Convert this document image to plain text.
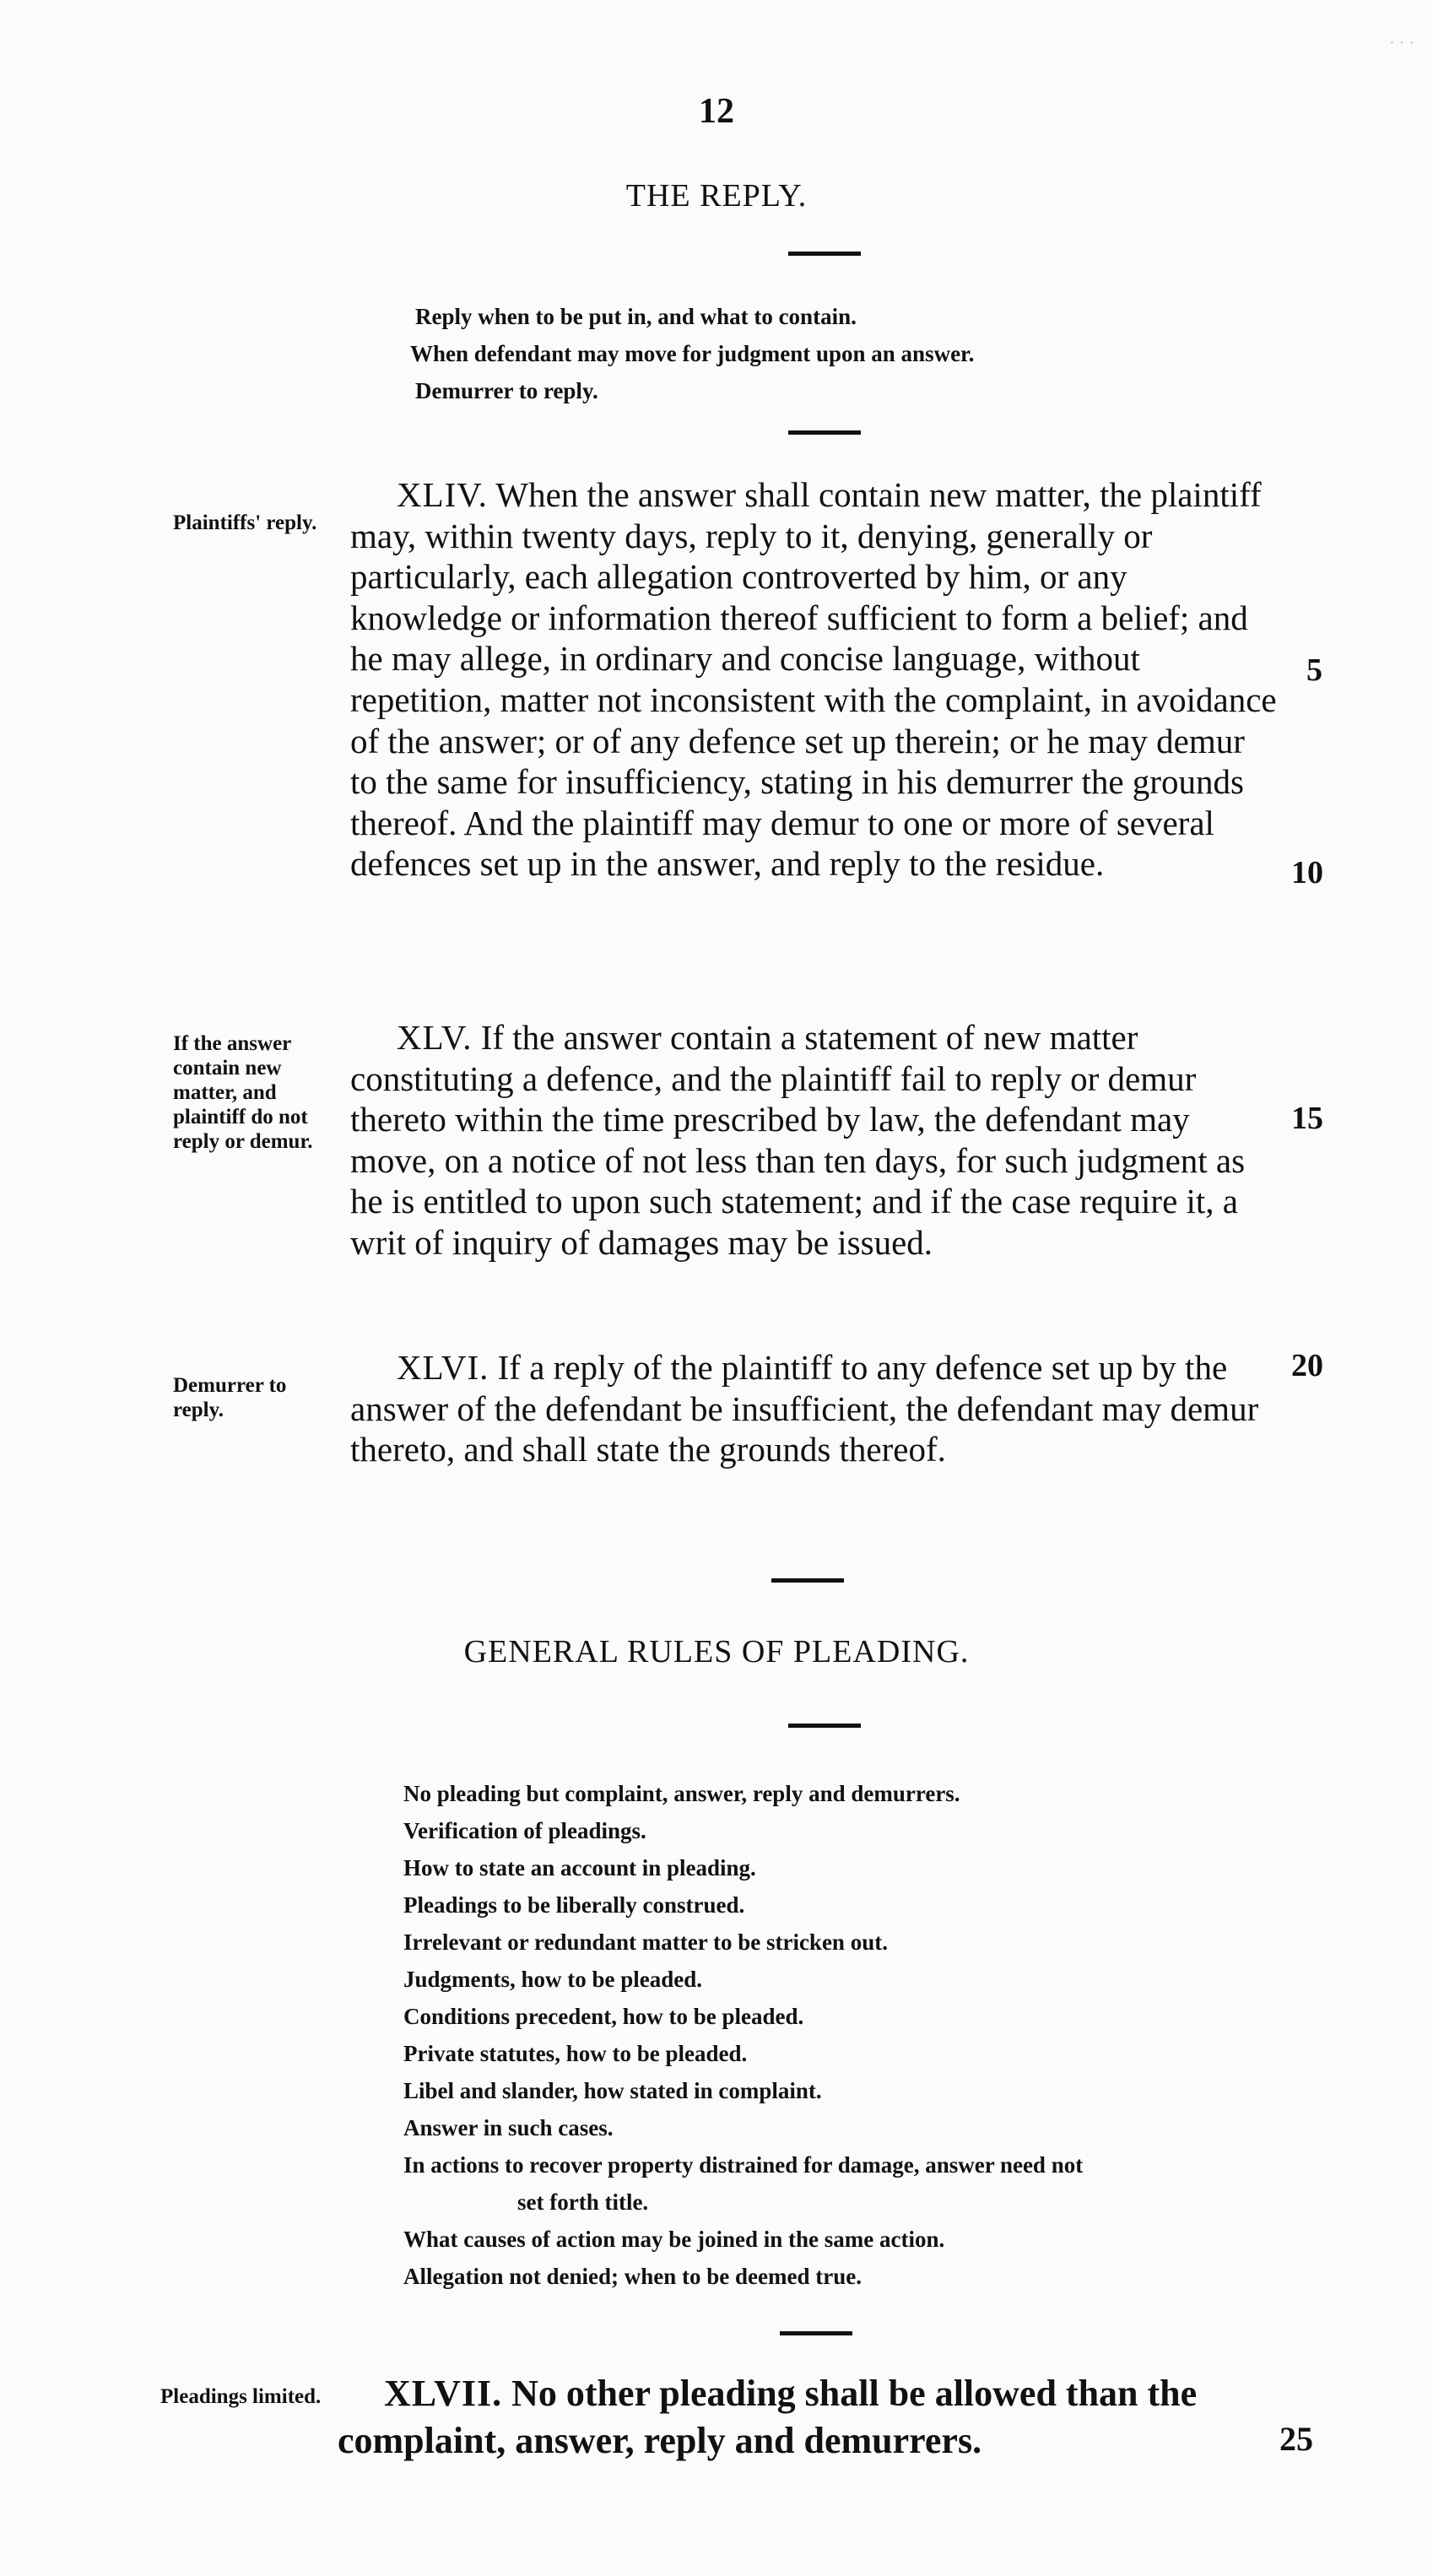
· · ·
12
THE REPLY.
Reply when to be put in, and what to contain.
When defendant may move for judgment upon an answer.
Demurrer to reply.
Plaintiffs' reply.
XLIV. When the answer shall contain new matter, the plaintiff may, within twenty days, reply to it, denying, generally or particularly, each allegation controverted by him, or any knowledge or information thereof sufficient to form a belief; and he may allege, in ordinary and concise language, without repetition, matter not inconsistent with the complaint, in avoidance of the answer; or of any defence set up therein; or he may demur to the same for insufficiency, stating in his demurrer the grounds thereof. And the plaintiff may demur to one or more of several defences set up in the answer, and reply to the residue.
5
10
If the answer contain new matter, and plaintiff do not reply or demur.
XLV. If the answer contain a statement of new matter constituting a defence, and the plaintiff fail to reply or demur thereto within the time prescribed by law, the defendant may move, on a notice of not less than ten days, for such judgment as he is entitled to upon such statement; and if the case require it, a writ of inquiry of damages may be issued.
15
Demurrer to reply.
XLVI. If a reply of the plaintiff to any defence set up by the answer of the defendant be insufficient, the defendant may demur thereto, and shall state the grounds thereof.
20
GENERAL RULES OF PLEADING.
No pleading but complaint, answer, reply and demurrers.
Verification of pleadings.
How to state an account in pleading.
Pleadings to be liberally construed.
Irrelevant or redundant matter to be stricken out.
Judgments, how to be pleaded.
Conditions precedent, how to be pleaded.
Private statutes, how to be pleaded.
Libel and slander, how stated in complaint.
Answer in such cases.
In actions to recover property distrained for damage, answer need not
set forth title.
What causes of action may be joined in the same action.
Allegation not denied; when to be deemed true.
Pleadings limited.	XLVII. No other pleading shall be allowed than the complaint, answer, reply and demurrers.	25
